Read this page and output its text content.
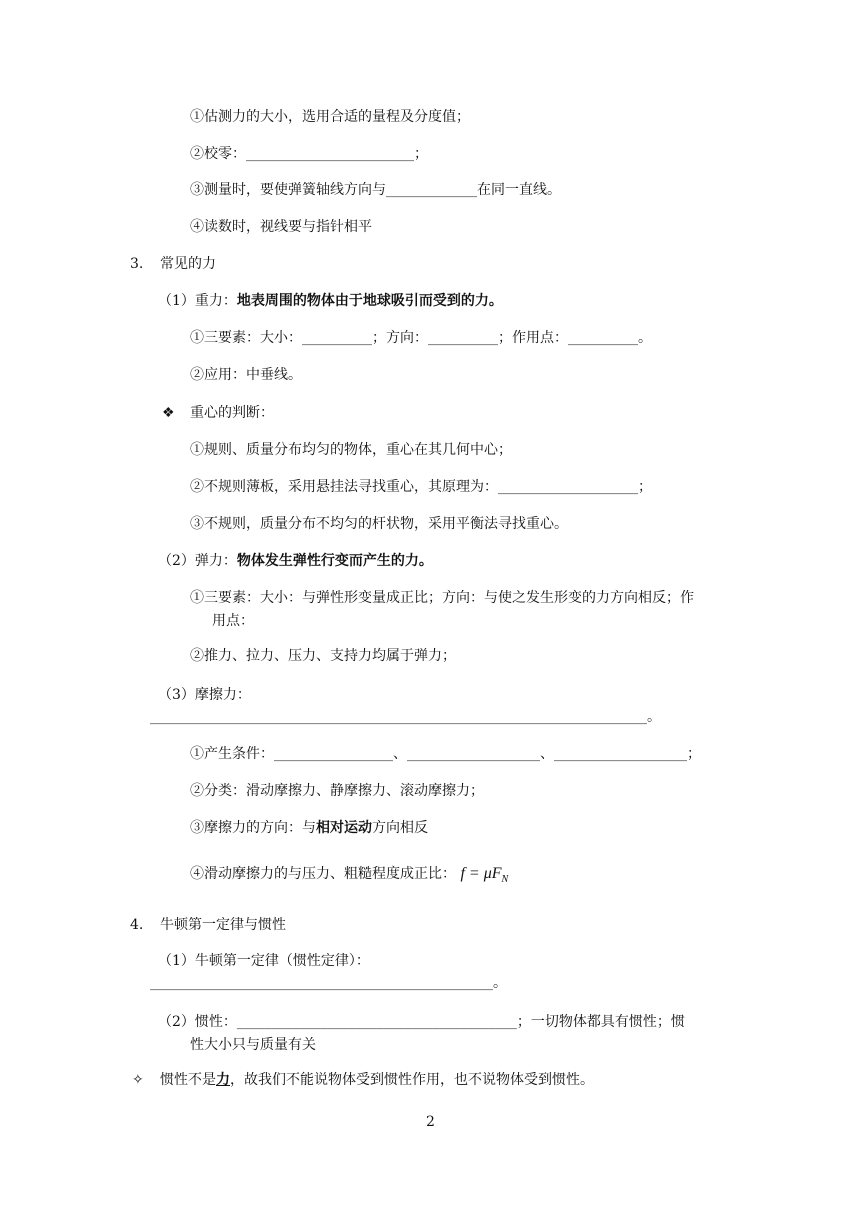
①估测力的大小，选用合适的量程及分度值；
②校零：________________________；
③测量时，要使弹簧轴线方向与_____________在同一直线。
④读数时，视线要与指针相平
3. 常见的力
（1）重力：地表周围的物体由于地球吸引而受到的力。
①三要素：大小：__________；方向：__________；作用点：__________。
②应用：中垂线。
❖ 重心的判断：
①规则、质量分布均匀的物体，重心在其几何中心；
②不规则薄板，采用悬挂法寻找重心，其原理为：____________________；
③不规则，质量分布不均匀的杆状物，采用平衡法寻找重心。
（2）弹力：物体发生弹性行变而产生的力。
①三要素：大小：与弹性形变量成正比；方向：与使之发生形变的力方向相反；作
用点：
②推力、拉力、压力、支持力均属于弹力；
（3）摩擦力：
_______________________________________________________________________。
①产生条件：_________________、___________________、___________________；
②分类：滑动摩擦力、静摩擦力、滚动摩擦力；
③摩擦力的方向：与相对运动方向相反
④滑动摩擦力的与压力、粗糙程度成正比： $f = \mu F_N$
4. 牛顿第一定律与惯性
（1）牛顿第一定律（惯性定律）：
_________________________________________________。
（2）惯性：________________________________________；一切物体都具有惯性；惯
性大小只与质量有关
✧ 惯性不是力，故我们不能说物体受到惯性作用，也不说物体受到惯性。
2
